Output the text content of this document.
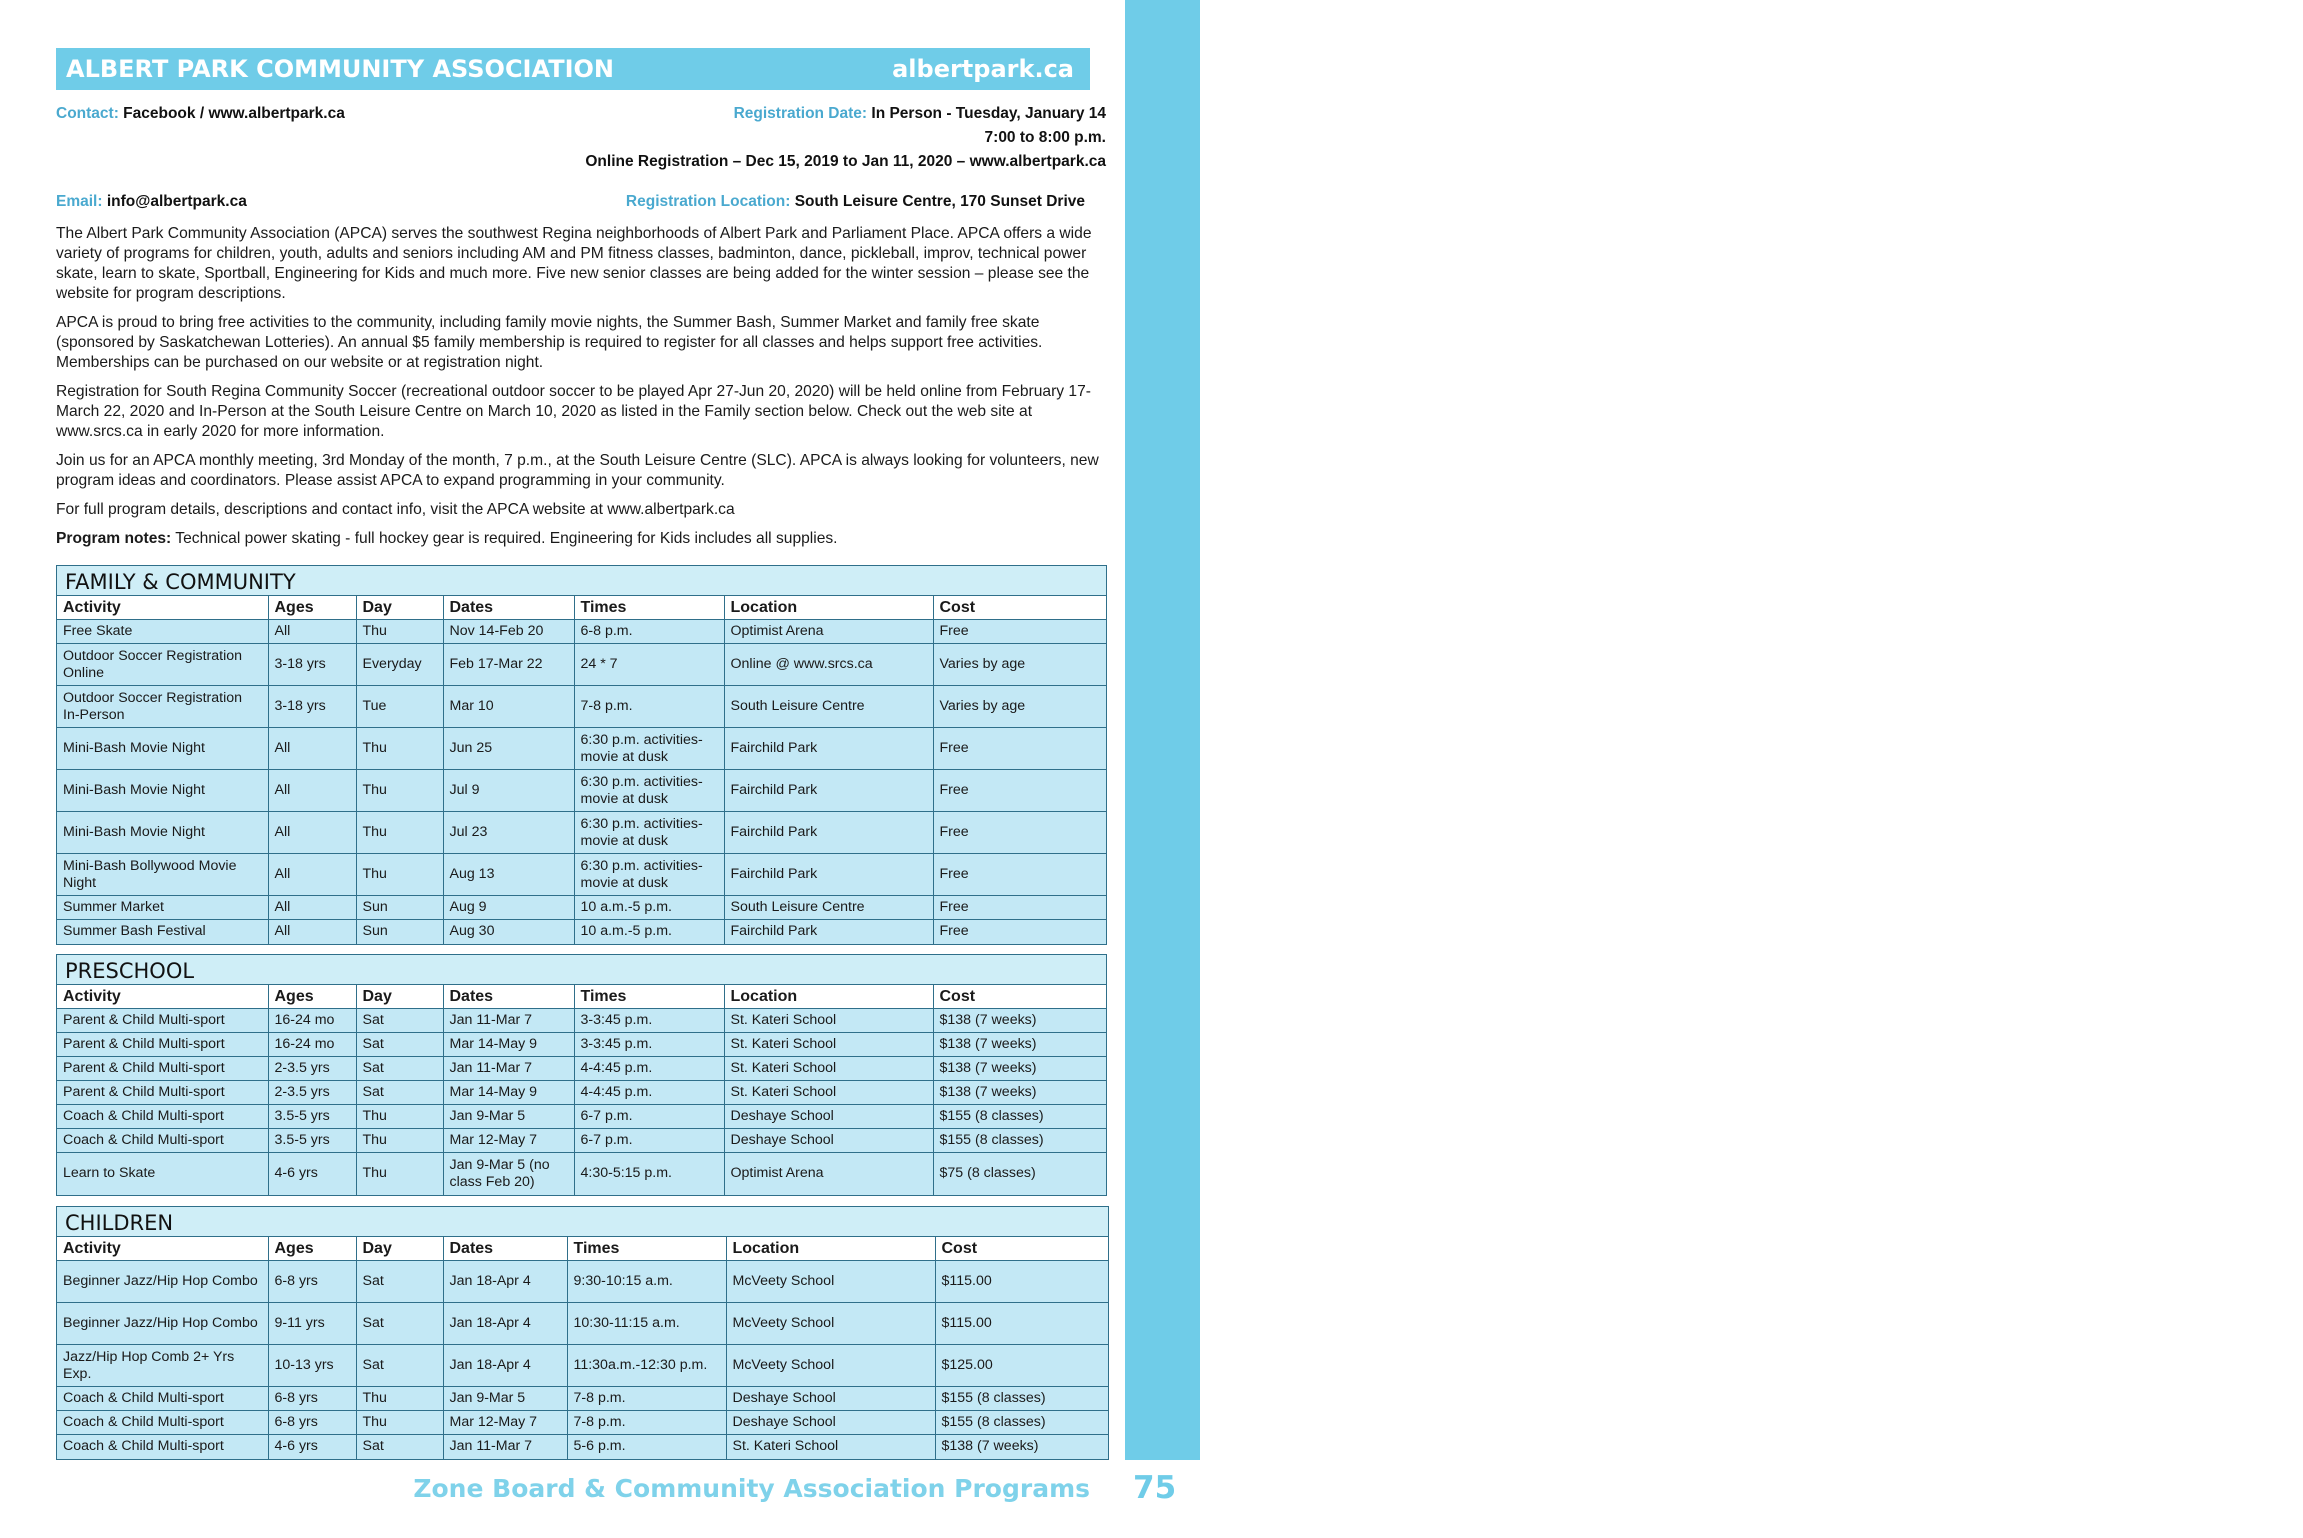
ZONE BOARD & COMMUNITY ASSOCIATION PROGRAMS
ALBERT PARK COMMUNITY ASSOCIATION	albertpark.ca
Contact: Facebook / www.albertpark.ca	Registration Date: In Person - Tuesday, January 14
7:00 to 8:00 p.m.
Online Registration – Dec 15, 2019 to Jan 11, 2020 – www.albertpark.ca
Email: info@albertpark.ca	Registration Location: South Leisure Centre, 170 Sunset Drive

The Albert Park Community Association (APCA) serves the southwest Regina neighborhoods of Albert Park and Parliament Place. APCA offers a wide variety of programs for children, youth, adults and seniors including AM and PM fitness classes, badminton, dance, pickleball, improv, technical power skate, learn to skate, Sportball, Engineering for Kids and much more. Five new senior classes are being added for the winter session – please see the website for program descriptions.

APCA is proud to bring free activities to the community, including family movie nights, the Summer Bash, Summer Market and family free skate (sponsored by Saskatchewan Lotteries). An annual $5 family membership is required to register for all classes and helps support free activities. Memberships can be purchased on our website or at registration night.

Registration for South Regina Community Soccer (recreational outdoor soccer to be played Apr 27-Jun 20, 2020) will be held online from February 17-March 22, 2020 and In-Person at the South Leisure Centre on March 10, 2020 as listed in the Family section below. Check out the web site at www.srcs.ca in early 2020 for more information.

Join us for an APCA monthly meeting, 3rd Monday of the month, 7 p.m., at the South Leisure Centre (SLC). APCA is always looking for volunteers, new program ideas and coordinators. Please assist APCA to expand programming in your community.

For full program details, descriptions and contact info, visit the APCA website at www.albertpark.ca

Program notes: Technical power skating - full hockey gear is required. Engineering for Kids includes all supplies.

FAMILY & COMMUNITY
Activity	Ages	Day	Dates	Times	Location	Cost
Free Skate	All	Thu	Nov 14-Feb 20	6-8 p.m.	Optimist Arena	Free
Outdoor Soccer Registration Online	3-18 yrs	Everyday	Feb 17-Mar 22	24 * 7	Online @ www.srcs.ca	Varies by age
Outdoor Soccer Registration In-Person	3-18 yrs	Tue	Mar 10	7-8 p.m.	South Leisure Centre	Varies by age
Mini-Bash Movie Night	All	Thu	Jun 25	6:30 p.m. activities- movie at dusk	Fairchild Park	Free
Mini-Bash Movie Night	All	Thu	Jul 9	6:30 p.m. activities- movie at dusk	Fairchild Park	Free
Mini-Bash Movie Night	All	Thu	Jul 23	6:30 p.m. activities- movie at dusk	Fairchild Park	Free
Mini-Bash Bollywood Movie Night	All	Thu	Aug 13	6:30 p.m. activities- movie at dusk	Fairchild Park	Free
Summer Market	All	Sun	Aug 9	10 a.m.-5 p.m.	South Leisure Centre	Free
Summer Bash Festival	All	Sun	Aug 30	10 a.m.-5 p.m.	Fairchild Park	Free
PRESCHOOL
Activity	Ages	Day	Dates	Times	Location	Cost
Parent & Child Multi-sport	16-24 mo	Sat	Jan 11-Mar 7	3-3:45 p.m.	St. Kateri School	$138 (7 weeks)
Parent & Child Multi-sport	16-24 mo	Sat	Mar 14-May 9	3-3:45 p.m.	St. Kateri School	$138 (7 weeks)
Parent & Child Multi-sport	2-3.5 yrs	Sat	Jan 11-Mar 7	4-4:45 p.m.	St. Kateri School	$138 (7 weeks)
Parent & Child Multi-sport	2-3.5 yrs	Sat	Mar 14-May 9	4-4:45 p.m.	St. Kateri School	$138 (7 weeks)
Coach & Child Multi-sport	3.5-5 yrs	Thu	Jan 9-Mar 5	6-7 p.m.	Deshaye School	$155 (8 classes)
Coach & Child Multi-sport	3.5-5 yrs	Thu	Mar 12-May 7	6-7 p.m.	Deshaye School	$155 (8 classes)
Learn to Skate	4-6 yrs	Thu	Jan 9-Mar 5 (no class Feb 20)	4:30-5:15 p.m.	Optimist Arena	$75 (8 classes)
CHILDREN
Activity	Ages	Day	Dates	Times	Location	Cost
Beginner Jazz/Hip Hop Combo	6-8 yrs	Sat	Jan 18-Apr 4	9:30-10:15 a.m.	McVeety School	$115.00
Beginner Jazz/Hip Hop Combo	9-11 yrs	Sat	Jan 18-Apr 4	10:30-11:15 a.m.	McVeety School	$115.00
Jazz/Hip Hop Comb 2+ Yrs Exp.	10-13 yrs	Sat	Jan 18-Apr 4	11:30a.m.-12:30 p.m.	McVeety School	$125.00
Coach & Child Multi-sport	6-8 yrs	Thu	Jan 9-Mar 5	7-8 p.m.	Deshaye School	$155 (8 classes)
Coach & Child Multi-sport	6-8 yrs	Thu	Mar 12-May 7	7-8 p.m.	Deshaye School	$155 (8 classes)
Coach & Child Multi-sport	4-6 yrs	Sat	Jan 11-Mar 7	5-6 p.m.	St. Kateri School	$138 (7 weeks)
Zone Board & Community Association Programs 75
